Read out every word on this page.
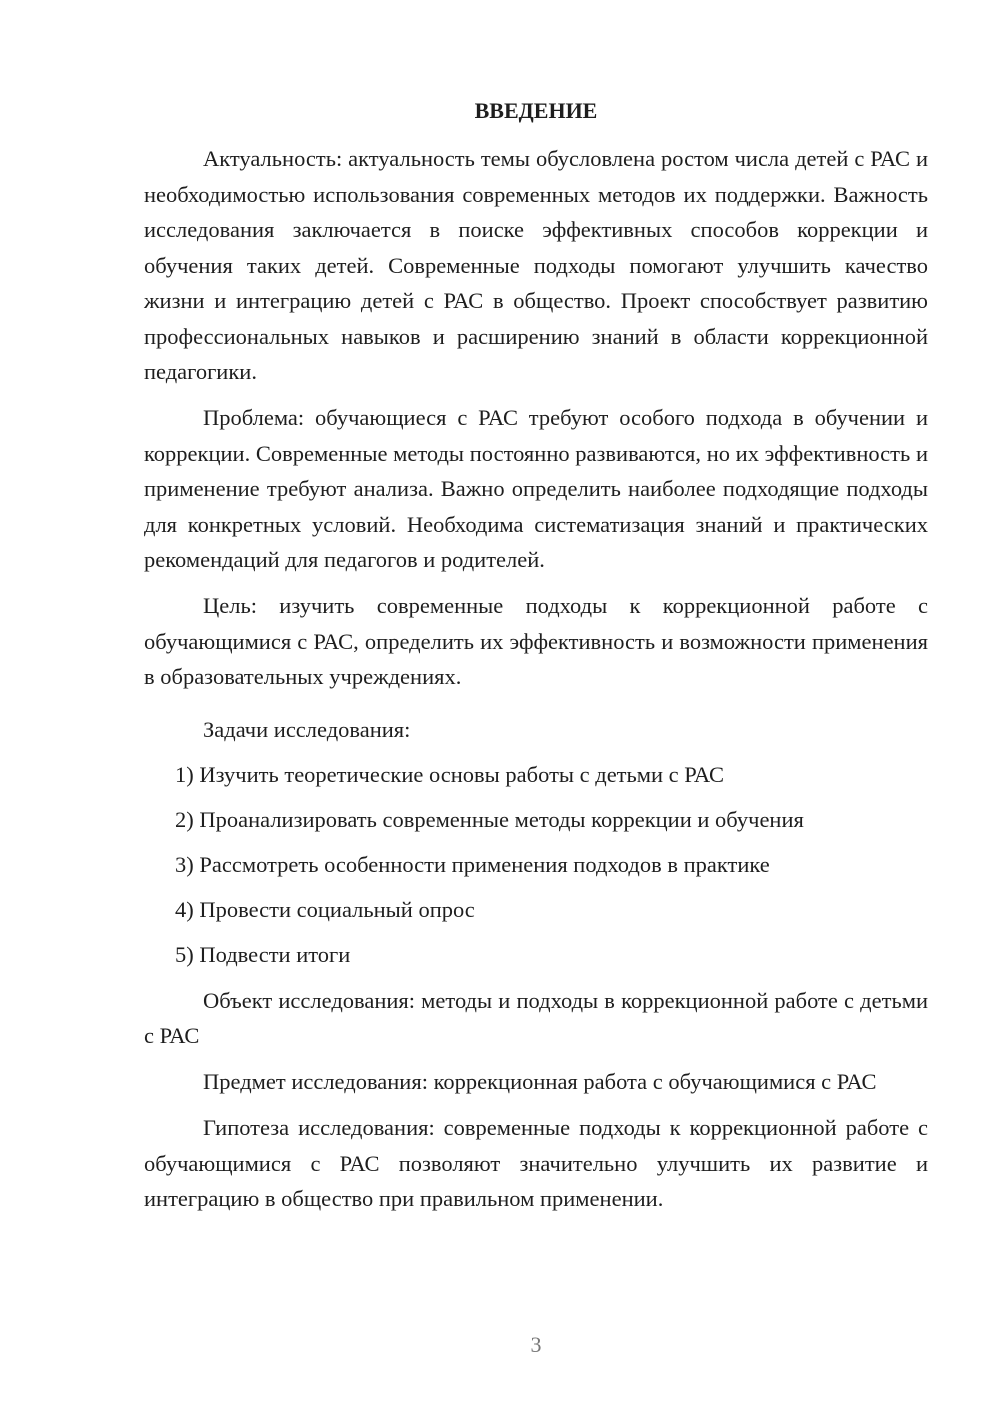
ВВЕДЕНИЕ

Актуальность: актуальность темы обусловлена ростом числа детей с РАС и необходимостью использования современных методов их поддержки. Важность исследования заключается в поиске эффективных способов коррекции и обучения таких детей. Современные подходы помогают улучшить качество жизни и интеграцию детей с РАС в общество. Проект способствует развитию профессиональных навыков и расширению знаний в области коррекционной педагогики.

Проблема: обучающиеся с РАС требуют особого подхода в обучении и коррекции. Современные методы постоянно развиваются, но их эффективность и применение требуют анализа. Важно определить наиболее подходящие подходы для конкретных условий. Необходима систематизация знаний и практических рекомендаций для педагогов и родителей.

Цель: изучить современные подходы к коррекционной работе с обучающимися с РАС, определить их эффективность и возможности применения в образовательных учреждениях.

Задачи исследования:

1) Изучить теоретические основы работы с детьми с РАС

2) Проанализировать современные методы коррекции и обучения

3) Рассмотреть особенности применения подходов в практике

4) Провести социальный опрос

5) Подвести итоги

Объект исследования: методы и подходы в коррекционной работе с детьми с РАС

Предмет исследования: коррекционная работа с обучающимися с РАС

Гипотеза исследования: современные подходы к коррекционной работе с обучающимися с РАС позволяют значительно улучшить их развитие и интеграцию в общество при правильном применении.

3
